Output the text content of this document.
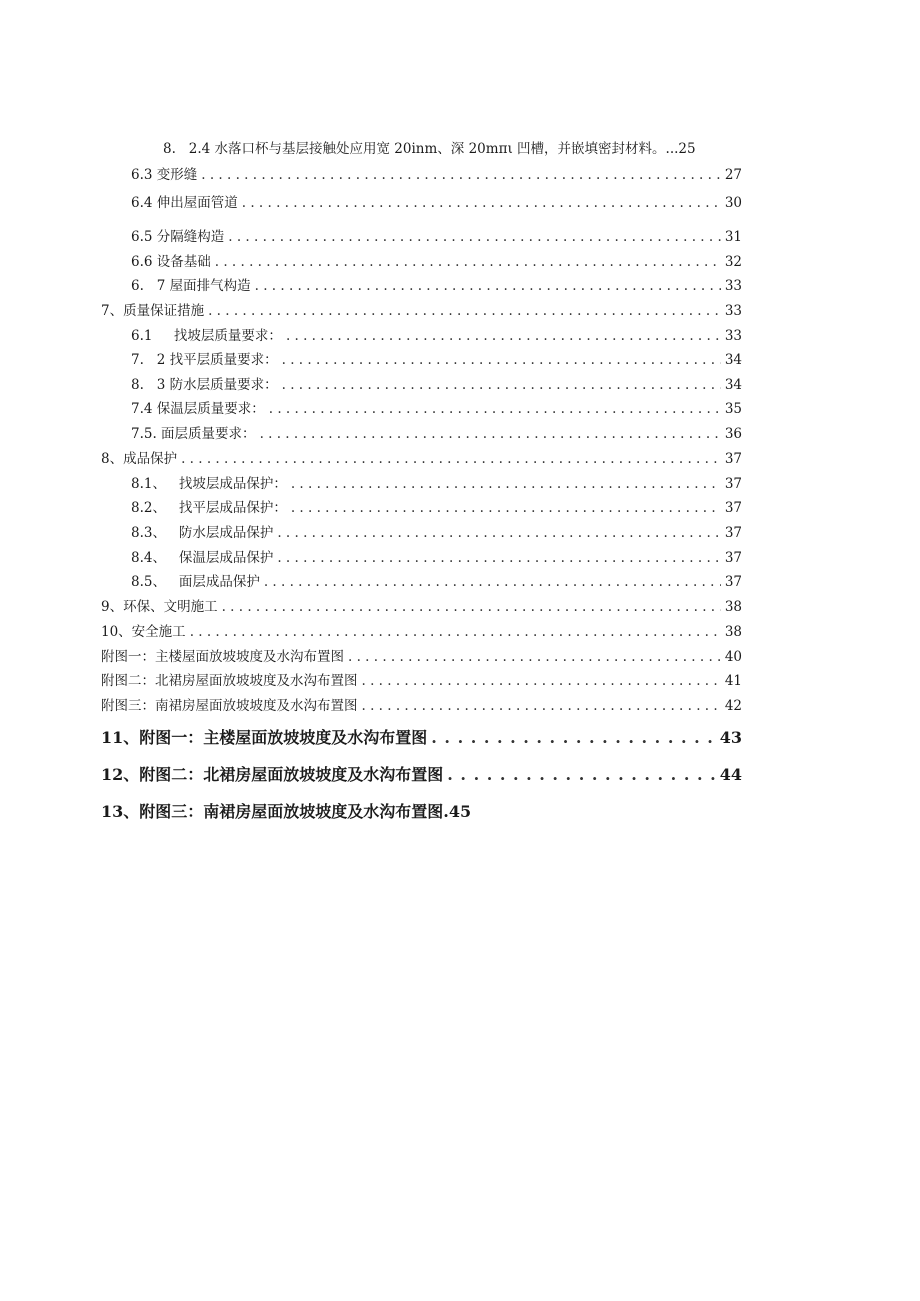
8.   2.4 水落口杯与基层接触处应用宽 20inm、深 20mπι 凹槽，并嵌填密封材料。 ...25
6.3 变形缝 . . .	27
6.4 伸出屋面管道 . . .	30
6.5 分隔缝构造 . . .	31
6.6 设备基础 . . .	32
6.   7 屋面排气构造 . . .	33
7、质量保证措施 . . .	33
6.1     找坡层质量要求： . . .	33
7.   2 找平层质量要求： . . .	34
8.   3 防水层质量要求： . . .	34
7.4 保温层质量要求： . . .	35
7.5. 面层质量要求： . . .	36
8、成品保护 . . .	37
8.1、   找坡层成品保护： . . .	37
8.2、   找平层成品保护： . . .	37
8.3、   防水层成品保护 . . .	37
8.4、   保温层成品保护 . . .	37
8.5、   面层成品保护 . . .	37
9、环保、文明施工 . . .	38
10、安全施工 . . .	38
附图一：主楼屋面放坡坡度及水沟布置图 . . .	40
附图二：北裙房屋面放坡坡度及水沟布置图 . . .	41
附图三：南裙房屋面放坡坡度及水沟布置图 . . .	42
11、附图一：主楼屋面放坡坡度及水沟布置图 . . .	43
12、附图二：北裙房屋面放坡坡度及水沟布置图 . . .	44
13、附图三：南裙房屋面放坡坡度及水沟布置图. 45
